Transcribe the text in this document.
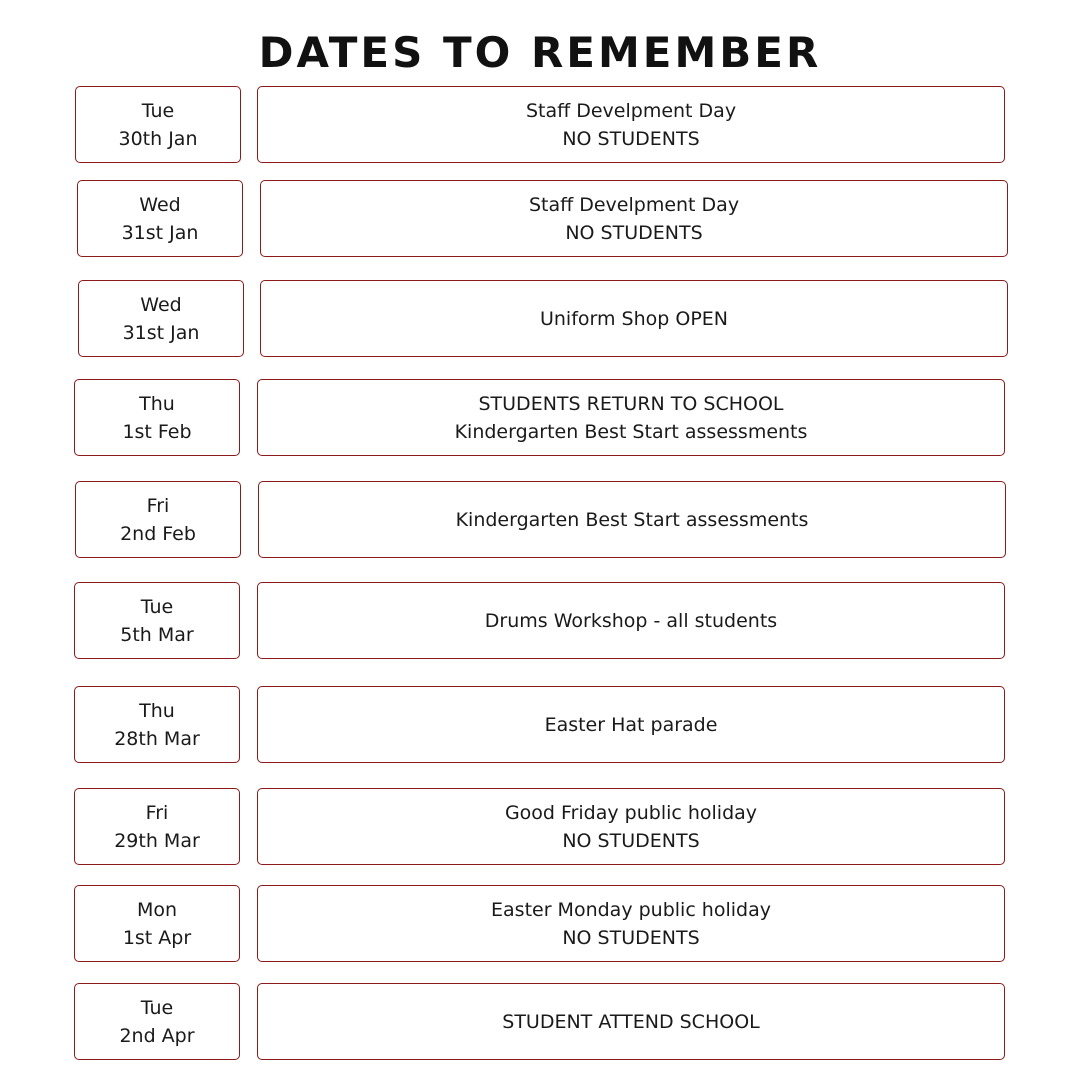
DATES TO REMEMBER
Tue
30th Jan
Staff Develpment Day
NO STUDENTS
Wed
31st Jan
Staff Develpment Day
NO STUDENTS
Wed
31st Jan
Uniform Shop OPEN
Thu
1st Feb
STUDENTS RETURN TO SCHOOL
Kindergarten Best Start assessments
Fri
2nd Feb
Kindergarten Best Start assessments
Tue
5th Mar
Drums Workshop - all students
Thu
28th Mar
Easter Hat parade
Fri
29th Mar
Good Friday public holiday
NO STUDENTS
Mon
1st Apr
Easter Monday public holiday
NO STUDENTS
Tue
2nd Apr
STUDENT ATTEND SCHOOL
